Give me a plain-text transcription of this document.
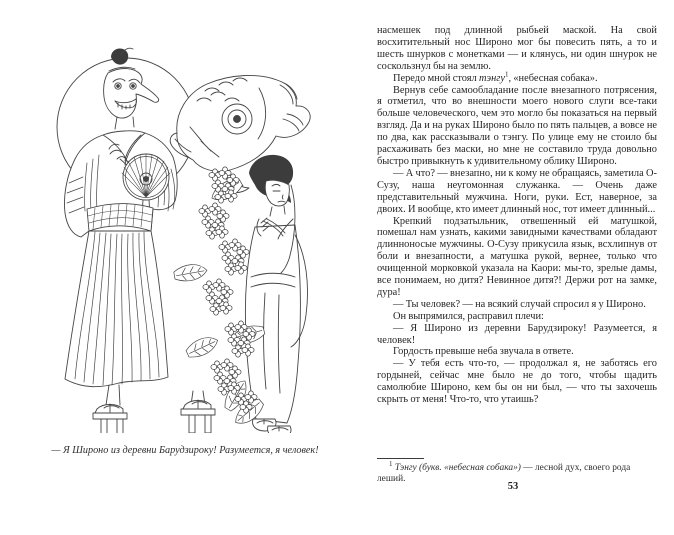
— Я Широно из деревни Барудзироку! Разумеется, я человек!

насмешек под длинной рыбьей маской. На свой восхитительный нос Широно мог бы повесить пять, а то и шесть шнурков с монетками — и клянусь, ни один шнурок не соскользнул бы на землю.

Передо мной стоял тэнгу$^1$, «небесная собака».

Вернув себе самообладание после внезапного потрясения, я отметил, что во внешности моего нового слуги все-таки больше человеческого, чем это могло бы показаться на первый взгляд. Да и на руках Широно было по пять пальцев, а вовсе не по два, как рассказывали о тэнгу. По улице ему не стоило бы расхаживать без маски, но мне не составило труда довольно быстро привыкнуть к удивительному облику Широно.

— А что? — внезапно, ни к кому не обращаясь, заметила О-Сузу, наша неугомонная служанка. — Очень даже представительный мужчина. Ноги, руки. Ест, наверное, за двоих. И вообще, кто имеет длинный нос, тот имеет длинный...

Крепкий подзатыльник, отвешенный ей матушкой, помешал нам узнать, какими завидными качествами обладают длинноносые мужчины. О-Сузу прикусила язык, всхлипнув от боли и внезапности, а матушка рукой, вернее, только что очищенной морковкой указала на Каори: мы-то, зрелые дамы, все понимаем, но дитя? Невинное дитя?! Держи рот на замке, дура!

— Ты человек? — на всякий случай спросил я у Широно.

Он выпрямился, расправил плечи:

— Я Широно из деревни Барудзироку! Разумеется, я человек!

Гордость превыше неба звучала в ответе.

— У тебя есть что-то, — продолжал я, не заботясь его гордыней, сейчас мне было не до того, чтобы щадить самолюбие Широно, кем бы он ни был, — что ты захочешь скрыть от меня! Что-то, что утаишь?

$^1$ Тэнгу (букв. «небесная собака») — лесной дух, своего рода леший.
53
